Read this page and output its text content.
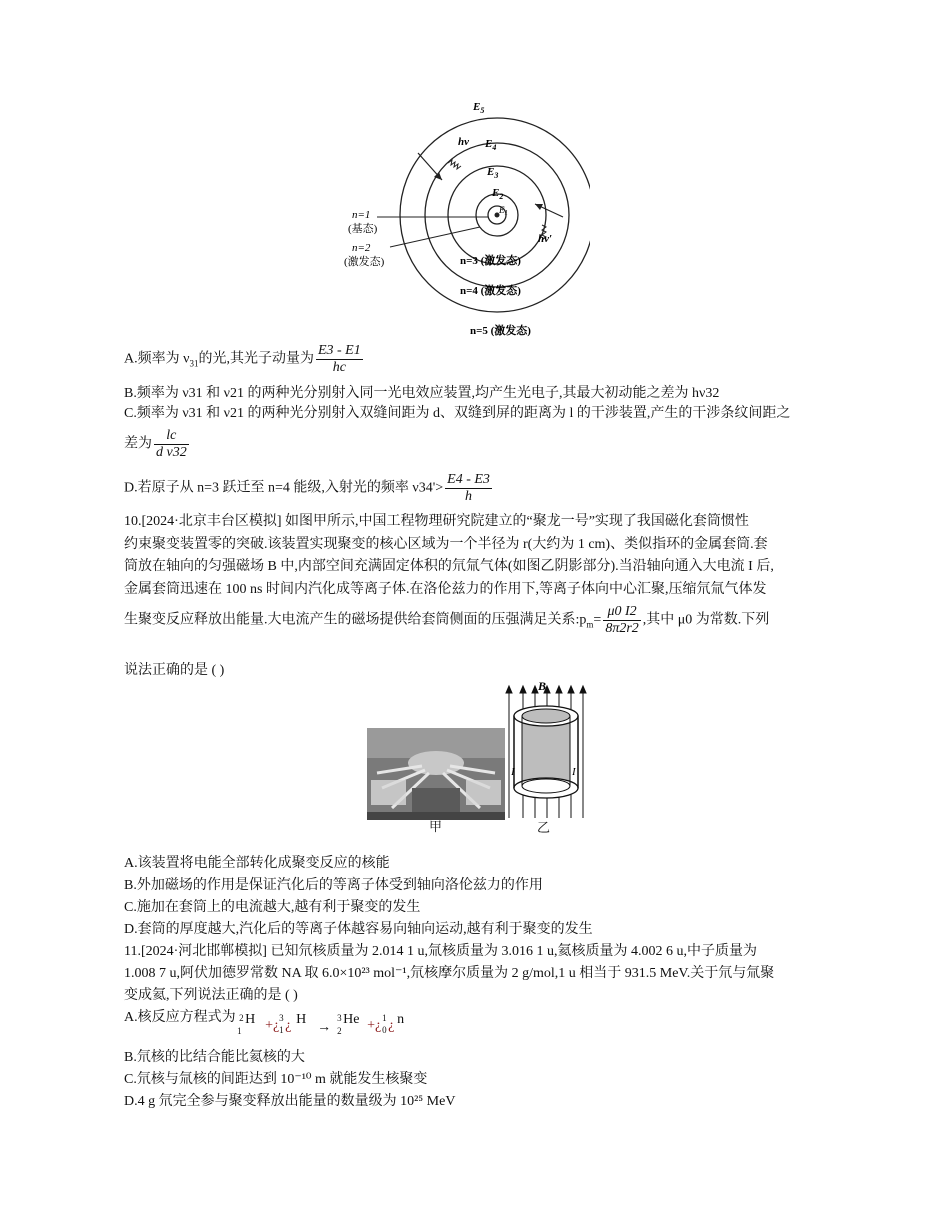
$E_5$
$E_4$
$E_3$
$E_2$
$E_1$
hν
hν′
n=1
(基态)
n=2
(激发态)	n=3 (激发态)
n=4 (激发态)
n=5 (激发态)
A.频率为 $\nu_{31}$的光,其光子动量为 $\frac{E3 - E1}{hc}$
B.频率为 ν31 和 ν21 的两种光分别射入同一光电效应装置,均产生光电子,其最大初动能之差为 hν32
C.频率为 ν31 和 ν21 的两种光分别射入双缝间距为 d、双缝到屏的距离为 l 的干涉装置,产生的干涉条纹间距之
差为 $\frac{lc}{\text{d ν32}}$
D.若原子从 n=3 跃迁至 n=4 能级,入射光的频率 $\nu 34'> \frac{E4 - E3}{h}$
10.[2024·北京丰台区模拟] 如图甲所示,中国工程物理研究院建立的“聚龙一号”实现了我国磁化套筒惯性
约束聚变装置零的突破.该装置实现聚变的核心区域为一个半径为 r(大约为 1 cm)、类似指环的金属套筒.套
筒放在轴向的匀强磁场 B 中,内部空间充满固定体积的氘氚气体(如图乙阴影部分).当沿轴向通入大电流 I 后,
金属套筒迅速在 100 ns 时间内汽化成等离子体.在洛伦兹力的作用下,等离子体向中心汇聚,压缩氘氚气体发
生聚变反应释放出能量.大电流产生的磁场提供给套筒侧面的压强满足关系$:p_m= \frac{\mu 0 I2}{8\pi 2r2}$ ,其中 μ0 为常数.下列
说法正确的是 ( )
甲
B
I	I
乙
A.该装置将电能全部转化成聚变反应的核能
B.外加磁场的作用是保证汽化后的等离子体受到轴向洛伦兹力的作用
C.施加在套筒上的电流越大,越有利于聚变的发生
D.套筒的厚度越大,汽化后的等离子体越容易向轴向运动,越有利于聚变的发生
11.[2024·河北邯郸模拟] 已知氘核质量为 2.014 1 u,氚核质量为 3.016 1 u,氦核质量为 4.002 6 u,中子质量为
1.008 7 u,阿伏加德罗常数 NA 取 6.0×10²³ mol⁻¹,氘核摩尔质量为 2 g/mol,1 u 相当于 931.5 MeV.关于氘与氚聚
变成氦,下列说法正确的是 ( )
A.核反应方程式为 2
1
H +¿ 3
1 ¿ H
→
3
2
He +¿ 1
0 ¿ n
B.氘核的比结合能比氦核的大
C.氘核与氚核的间距达到 10⁻¹⁰ m 就能发生核聚变
D.4 g 氘完全参与聚变释放出能量的数量级为 10²⁵ MeV
